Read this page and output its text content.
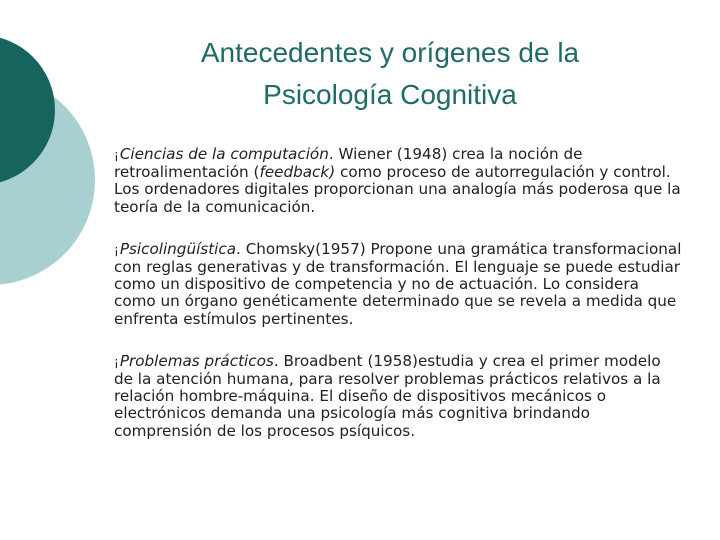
Antecedentes y orígenes de la
Psicología Cognitiva
¡Ciencias de la computación. Wiener (1948) crea la noción de retroalimentación (feedback) como proceso de autorregulación y control. Los ordenadores digitales proporcionan una analogía más poderosa que la teoría de la comunicación.
¡Psicolingüística. Chomsky(1957) Propone una gramática transformacional con reglas generativas y de transformación. El lenguaje se puede estudiar como un dispositivo de competencia y no de actuación. Lo considera como un órgano genéticamente determinado que se revela a medida que enfrenta estímulos pertinentes.
¡Problemas prácticos. Broadbent (1958)estudia y crea el primer modelo de la atención humana, para resolver problemas prácticos relativos a la relación hombre-máquina. El diseño de dispositivos mecánicos o electrónicos demanda una psicología más cognitiva brindando comprensión de los procesos psíquicos.
